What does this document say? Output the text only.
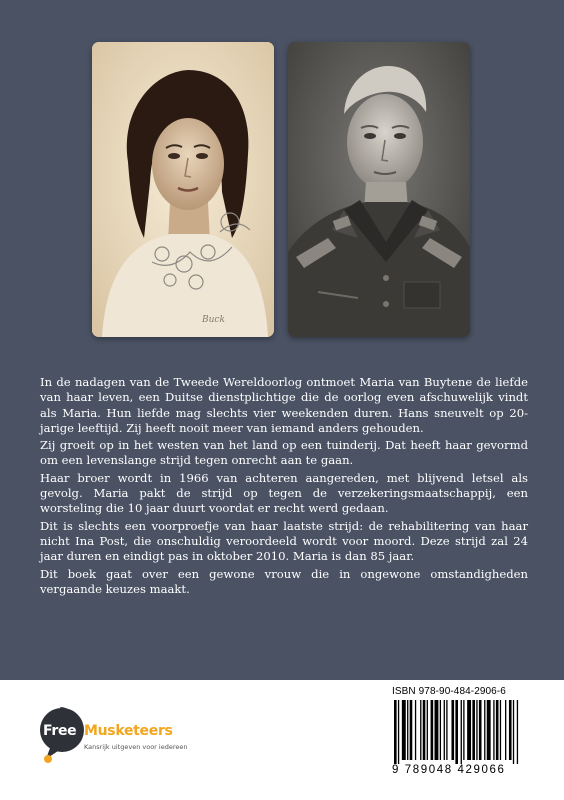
Buck

In de nadagen van de Tweede Wereldoorlog ontmoet Maria van Buytene de liefde van haar leven, een Duitse dienstplichtige die de oorlog even afschuwelijk vindt als Maria. Hun liefde mag slechts vier weekenden duren. Hans sneuvelt op 20-jarige leeftijd. Zij heeft nooit meer van iemand anders gehouden.

Zij groeit op in het westen van het land op een tuinderij. Dat heeft haar gevormd om een levenslange strijd tegen onrecht aan te gaan.

Haar broer wordt in 1966 van achteren aangereden, met blijvend letsel als gevolg. Maria pakt de strijd op tegen de verzekeringsmaatschappij, een worsteling die 10 jaar duurt voordat er recht werd gedaan.

Dit is slechts een voorproefje van haar laatste strijd: de rehabilitering van haar nicht Ina Post, die onschuldig veroordeeld wordt voor moord. Deze strijd zal 24 jaar duren en eindigt pas in oktober 2010. Maria is dan 85 jaar.

Dit boek gaat over een gewone vrouw die in ongewone omstandigheden vergaande keuzes maakt.

Free Musketeers
Kansrijk uitgeven voor iedereen
ISBN 978-90-484-2906-6
9 789048 429066
